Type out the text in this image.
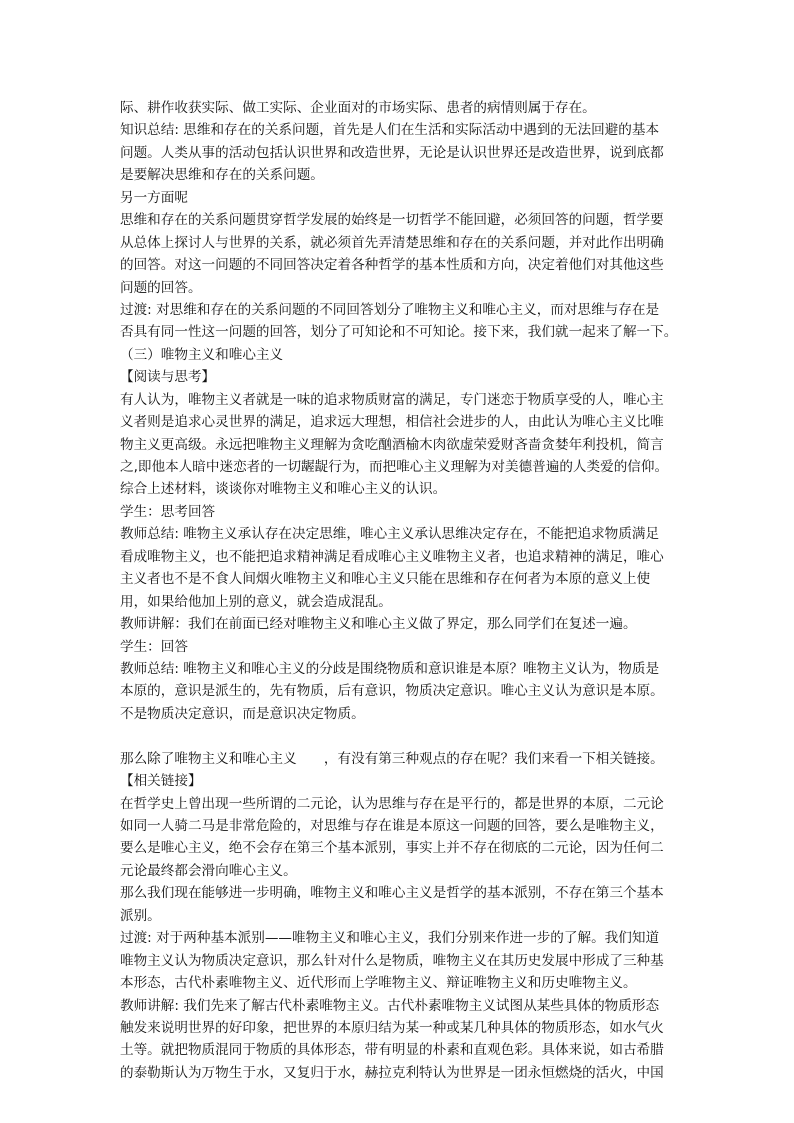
际、耕作收获实际、做工实际、企业面对的市场实际、患者的病情则属于存在。
知识总结: 思维和存在的关系问题，首先是人们在生活和实际活动中遇到的无法回避的基本
问题。人类从事的活动包括认识世界和改造世界，无论是认识世界还是改造世界，说到底都
是要解决思维和存在的关系问题。
另一方面呢
思维和存在的关系问题贯穿哲学发展的始终是一切哲学不能回避，必须回答的问题，哲学要
从总体上探讨人与世界的关系，就必须首先弄清楚思维和存在的关系问题，并对此作出明确
的回答。对这一问题的不同回答决定着各种哲学的基本性质和方向，决定着他们对其他这些
问题的回答。
过渡: 对思维和存在的关系问题的不同回答划分了唯物主义和唯心主义，而对思维与存在是
否具有同一性这一问题的回答，划分了可知论和不可知论。接下来，我们就一起来了解一下。
（三）唯物主义和唯心主义
【阅读与思考】
有人认为，唯物主义者就是一味的追求物质财富的满足，专门迷恋于物质享受的人，唯心主
义者则是追求心灵世界的满足，追求远大理想，相信社会进步的人，由此认为唯心主义比唯
物主义更高级。永远把唯物主义理解为贪吃酗酒榆木肉欲虚荣爱财吝啬贪婪年利投机，简言
之,即他本人暗中迷恋者的一切龌龊行为，而把唯心主义理解为对美德普遍的人类爱的信仰。
综合上述材料，谈谈你对唯物主义和唯心主义的认识。
学生：思考回答
教师总结: 唯物主义承认存在决定思维，唯心主义承认思维决定存在，不能把追求物质满足
看成唯物主义，也不能把追求精神满足看成唯心主义唯物主义者，也追求精神的满足，唯心
主义者也不是不食人间烟火唯物主义和唯心主义只能在思维和存在何者为本原的意义上使
用，如果给他加上别的意义，就会造成混乱。
教师讲解：我们在前面已经对唯物主义和唯心主义做了界定，那么同学们在复述一遍。
学生：回答
教师总结: 唯物主义和唯心主义的分歧是围绕物质和意识谁是本原？唯物主义认为，物质是
本原的，意识是派生的，先有物质，后有意识，物质决定意识。唯心主义认为意识是本原。
不是物质决定意识，而是意识决定物质。
那么除了唯物主义和唯心主义　　，有没有第三种观点的存在呢？我们来看一下相关链接。
【相关链接】
在哲学史上曾出现一些所谓的二元论，认为思维与存在是平行的，都是世界的本原，二元论
如同一人骑二马是非常危险的，对思维与存在谁是本原这一问题的回答，要么是唯物主义，
要么是唯心主义，绝不会存在第三个基本派别，事实上并不存在彻底的二元论，因为任何二
元论最终都会滑向唯心主义。
那么我们现在能够进一步明确，唯物主义和唯心主义是哲学的基本派别，不存在第三个基本
派别。
过渡: 对于两种基本派别——唯物主义和唯心主义，我们分别来作进一步的了解。我们知道
唯物主义认为物质决定意识，那么针对什么是物质，唯物主义在其历史发展中形成了三种基
本形态，古代朴素唯物主义、近代形而上学唯物主义、辩证唯物主义和历史唯物主义。
教师讲解: 我们先来了解古代朴素唯物主义。古代朴素唯物主义试图从某些具体的物质形态
触发来说明世界的好印象，把世界的本原归结为某一种或某几种具体的物质形态，如水气火
土等。就把物质混同于物质的具体形态，带有明显的朴素和直观色彩。具体来说，如古希腊
的泰勒斯认为万物生于水，又复归于水，赫拉克利特认为世界是一团永恒燃烧的活火，中国
